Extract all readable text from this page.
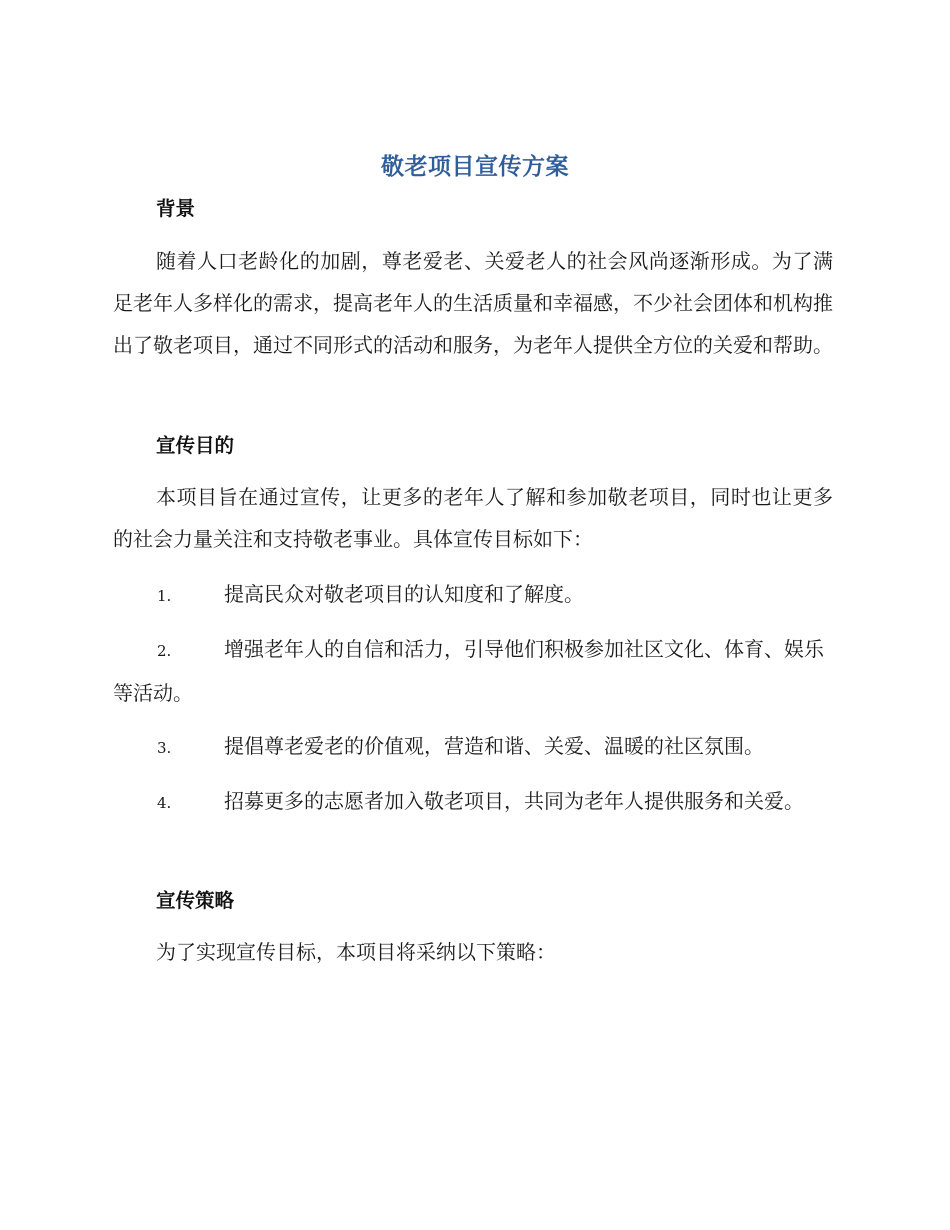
敬老项目宣传方案
背景

随着人口老龄化的加剧，尊老爱老、关爱老人的社会风尚逐渐形成。为了满足老年人多样化的需求，提高老年人的生活质量和幸福感，不少社会团体和机构推出了敬老项目，通过不同形式的活动和服务，为老年人提供全方位的关爱和帮助。

宣传目的

本项目旨在通过宣传，让更多的老年人了解和参加敬老项目，同时也让更多的社会力量关注和支持敬老事业。具体宣传目标如下：

1.	提高民众对敬老项目的认知度和了解度。

2.	增强老年人的自信和活力，引导他们积极参加社区文化、体育、娱乐等活动。

3.	提倡尊老爱老的价值观，营造和谐、关爱、温暖的社区氛围。

4.	招募更多的志愿者加入敬老项目，共同为老年人提供服务和关爱。

宣传策略

为了实现宣传目标，本项目将采纳以下策略：
